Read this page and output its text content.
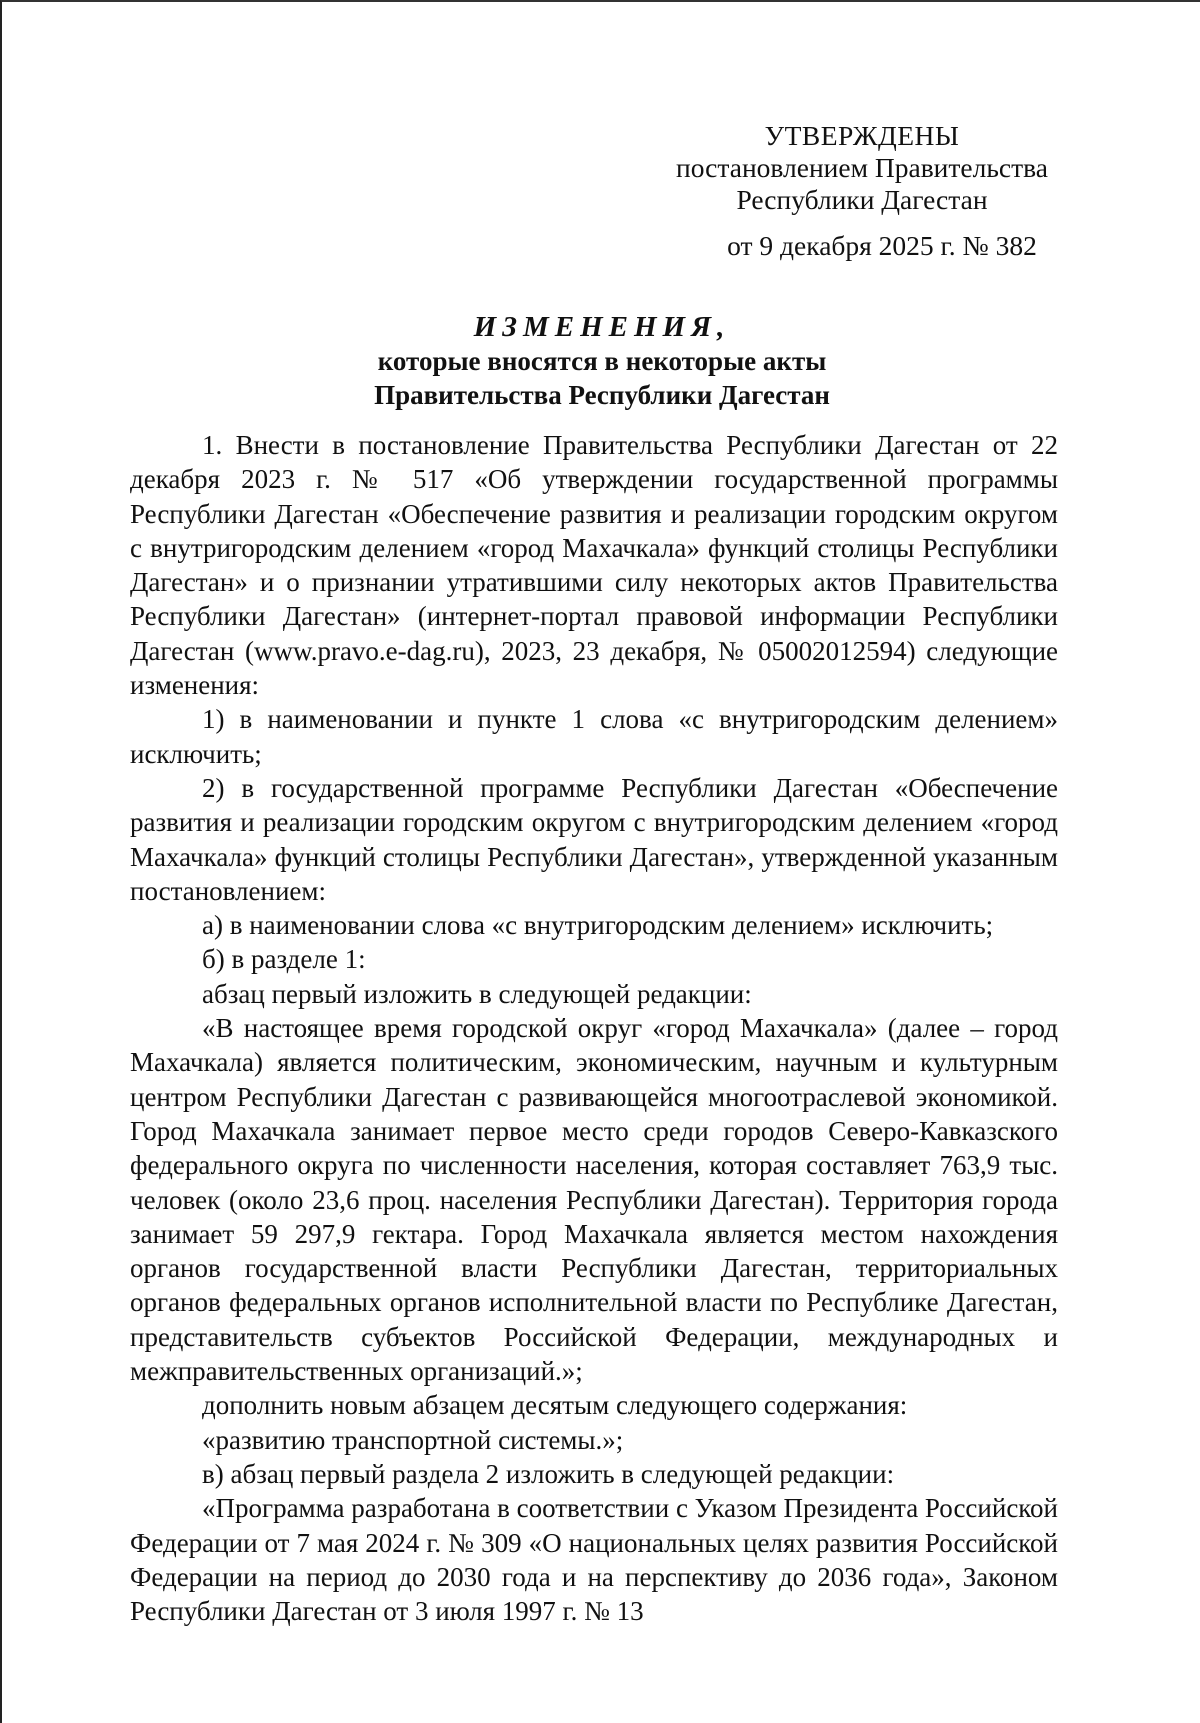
УТВЕРЖДЕНЫ
постановлением Правительства
Республики Дагестан
от 9 декабря 2025 г. № 382
ИЗМЕНЕНИЯ,
которые вносятся в некоторые акты
Правительства Республики Дагестан

1. Внести в постановление Правительства Республики Дагестан от 22 декабря 2023 г. № 517 «Об утверждении государственной программы Республики Дагестан «Обеспечение развития и реализации городским округом с внутригородским делением «город Махачкала» функций столицы Республики Дагестан» и о признании утратившими силу некоторых актов Правительства Республики Дагестан» (интернет-портал правовой информации Республики Дагестан (www.pravo.e-dag.ru), 2023, 23 декабря, № 05002012594) следующие изменения:

1) в наименовании и пункте 1 слова «с внутригородским делением» исключить;

2) в государственной программе Республики Дагестан «Обеспечение развития и реализации городским округом с внутригородским делением «город Махачкала» функций столицы Республики Дагестан», утвержденной указанным постановлением:

а) в наименовании слова «с внутригородским делением» исключить;

б) в разделе 1:

абзац первый изложить в следующей редакции:

«В настоящее время городской округ «город Махачкала» (далее – город Махачкала) является политическим, экономическим, научным и культурным центром Республики Дагестан с развивающейся многоотраслевой экономикой. Город Махачкала занимает первое место среди городов Северо-Кавказского федерального округа по численности населения, которая составляет 763,9 тыс. человек (около 23,6 проц. населения Республики Дагестан). Территория города занимает 59 297,9 гектара. Город Махачкала является местом нахождения органов государственной власти Республики Дагестан, территориальных органов федеральных органов исполнительной власти по Республике Дагестан, представительств субъектов Российской Федерации, международных и межправительственных организаций.»;

дополнить новым абзацем десятым следующего содержания:

«развитию транспортной системы.»;

в) абзац первый раздела 2 изложить в следующей редакции:

«Программа разработана в соответствии с Указом Президента Российской Федерации от 7 мая 2024 г. № 309 «О национальных целях развития Российской Федерации на период до 2030 года и на перспективу до 2036 года», Законом Республики Дагестан от 3 июля 1997 г. № 13
